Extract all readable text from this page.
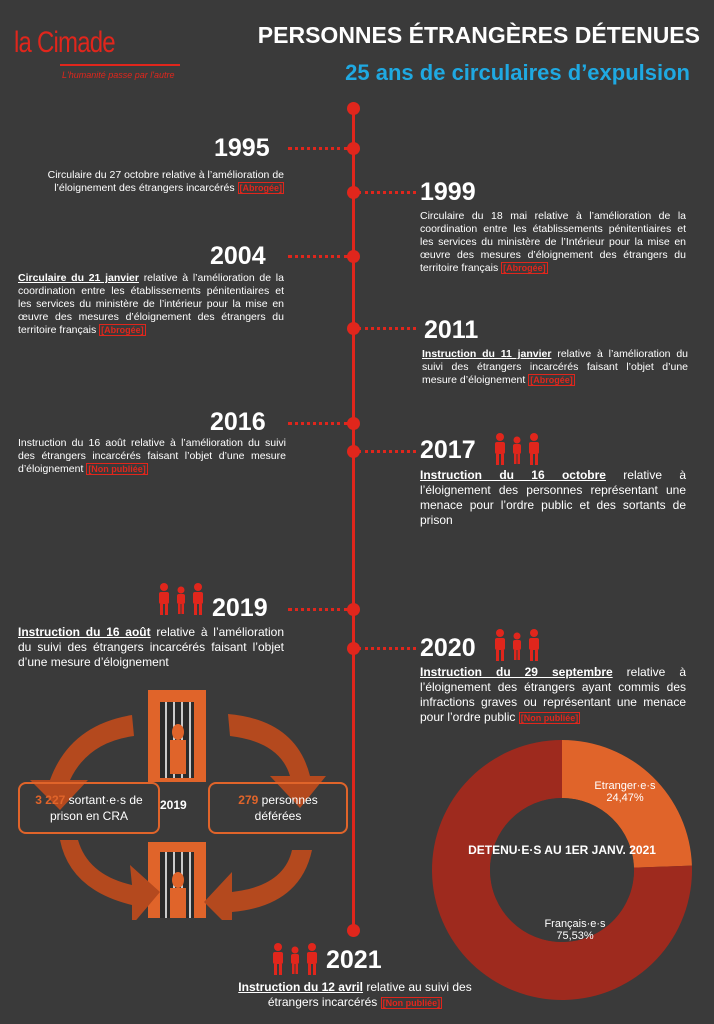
la Cimade
L'humanité passe par l'autre
PERSONNES ÉTRANGÈRES DÉTENUES
25 ans de circulaires d’expulsion
1995
Circulaire du 27 octobre relative à l’amélioration de l’éloignement des étrangers incarcérés [Abrogée]	1999
Circulaire du 18 mai relative à l’amélioration de la coordination entre les établissements pénitentiaires et les services du ministère de l’Intérieur pour la mise en œuvre des mesures d’éloignement des étrangers du territoire français [Abrogée]
2004
Circulaire du 21 janvier relative à l’amélioration de la coordination entre les établissements pénitentiaires et les services du ministère de l’intérieur pour la mise en œuvre des mesures d’éloignement des étrangers du territoire français [Abrogée]	2011
Instruction du 11 janvier relative à l’amélioration du suivi des étrangers incarcérés faisant l’objet d’une mesure d’éloignement [Abrogée]
2016
Instruction du 16 août relative à l’amélioration du suivi des étrangers incarcérés faisant l’objet d’une mesure d’éloignement [Non publiée]
2017
Instruction du 16 octobre relative à l’éloignement des personnes représentant une menace pour l’ordre public et des sortants de prison
2019
Instruction du 16 août relative à l’amélioration du suivi des étrangers incarcérés faisant l’objet d’une mesure d’éloignement	2020
Instruction du 29 septembre relative à l’éloignement des étrangers ayant commis des infractions graves ou représentant une menace pour l’ordre public [Non publiée]
3 227 sortant·e·s de prison en CRA
2019	279 personnes déférées
DETENU·E·S AU 1ER JANV. 2021
Etranger·e·s
24,47%
Français·e·s
75,53%
2021
Instruction du 12 avril relative au suivi des étrangers incarcérés [Non publiée]
